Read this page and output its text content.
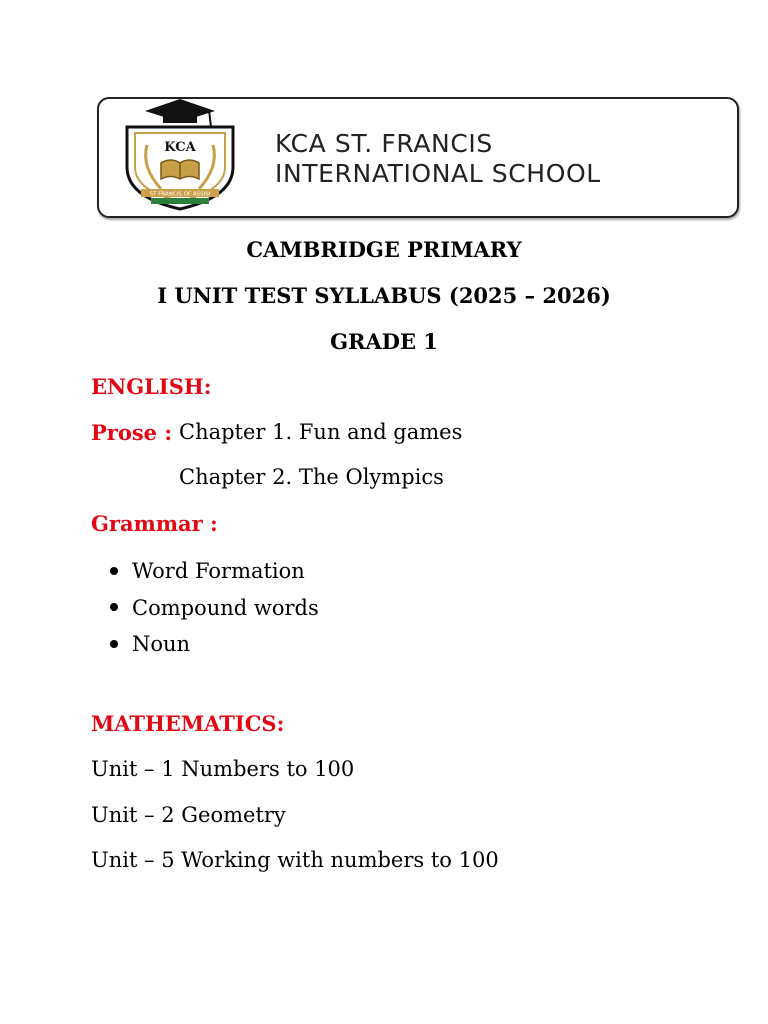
KCA
ST FRANCIS OF ASSISI
KCA ST. FRANCIS
INTERNATIONAL SCHOOL
CAMBRIDGE PRIMARY
I UNIT TEST SYLLABUS (2025 – 2026)
GRADE 1
ENGLISH:
Prose : Chapter 1. Fun and games
Chapter 2. The Olympics
Grammar :
Word Formation
Compound words
Noun
MATHEMATICS:
Unit – 1 Numbers to 100
Unit – 2 Geometry
Unit – 5 Working with numbers to 100
